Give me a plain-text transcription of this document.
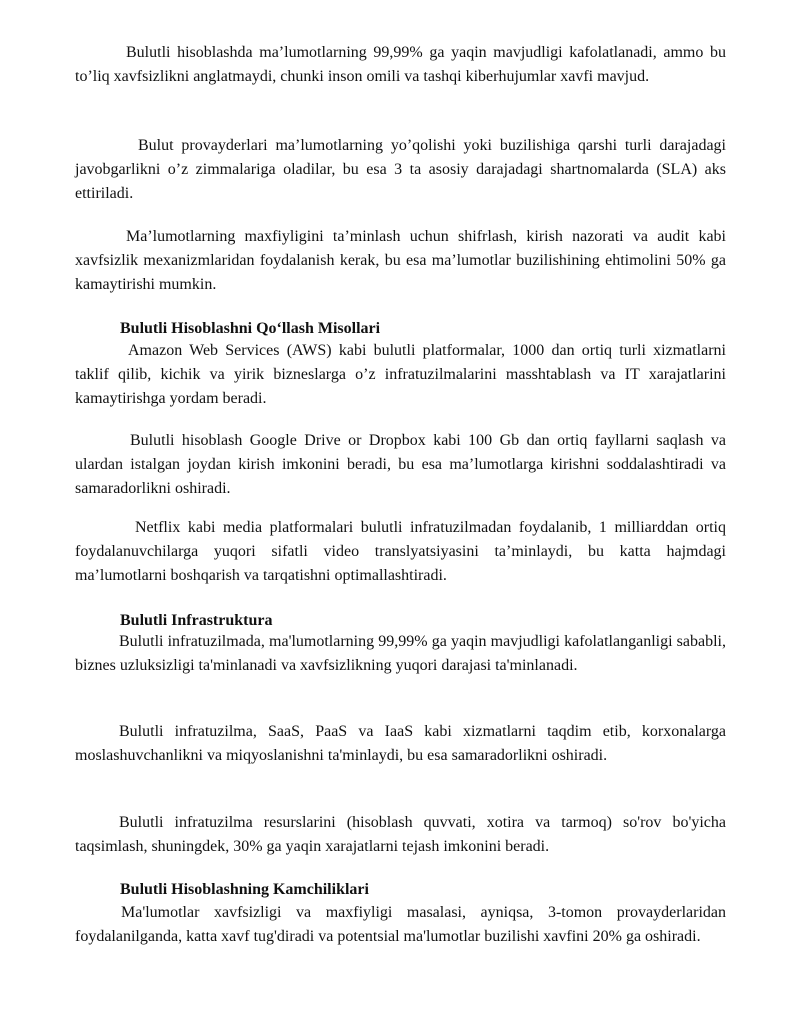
Bulutli hisoblashda ma’lumotlarning 99,99% ga yaqin mavjudligi kafolatlanadi, ammo bu to’liq xavfsizlikni anglatmaydi, chunki inson omili va tashqi kiberhujumlar xavfi mavjud.

Bulut provayderlari ma’lumotlarning yo’qolishi yoki buzilishiga qarshi turli darajadagi javobgarlikni o’z zimmalariga oladilar, bu esa 3 ta asosiy darajadagi shartnomalarda (SLA) aks ettiriladi.

Ma’lumotlarning maxfiyligini ta’minlash uchun shifrlash, kirish nazorati va audit kabi xavfsizlik mexanizmlaridan foydalanish kerak, bu esa ma’lumotlar buzilishining ehtimolini 50% ga kamaytirishi mumkin.

Bulutli Hisoblashni Qo‘llash Misollari

Amazon Web Services (AWS) kabi bulutli platformalar, 1000 dan ortiq turli xizmatlarni taklif qilib, kichik va yirik bizneslarga o’z infratuzilmalarini masshtablash va IT xarajatlarini kamaytirishga yordam beradi.

Bulutli hisoblash Google Drive or Dropbox kabi 100 Gb dan ortiq fayllarni saqlash va ulardan istalgan joydan kirish imkonini beradi, bu esa ma’lumotlarga kirishni soddalashtiradi va samaradorlikni oshiradi.

Netflix kabi media platformalari bulutli infratuzilmadan foydalanib, 1 milliarddan ortiq foydalanuvchilarga yuqori sifatli video translyatsiyasini ta’minlaydi, bu katta hajmdagi ma’lumotlarni boshqarish va tarqatishni optimallashtiradi.

Bulutli Infrastruktura

Bulutli infratuzilmada, ma'lumotlarning 99,99% ga yaqin mavjudligi kafolatlanganligi sababli, biznes uzluksizligi ta'minlanadi va xavfsizlikning yuqori darajasi ta'minlanadi.

Bulutli infratuzilma, SaaS, PaaS va IaaS kabi xizmatlarni taqdim etib, korxonalarga moslashuvchanlikni va miqyoslanishni ta'minlaydi, bu esa samaradorlikni oshiradi.

Bulutli infratuzilma resurslarini (hisoblash quvvati, xotira va tarmoq) so'rov bo'yicha taqsimlash, shuningdek, 30% ga yaqin xarajatlarni tejash imkonini beradi.

Bulutli Hisoblashning Kamchiliklari

Ma'lumotlar xavfsizligi va maxfiyligi masalasi, ayniqsa, 3-tomon provayderlaridan foydalanilganda, katta xavf tug'diradi va potentsial ma'lumotlar buzilishi xavfini 20% ga oshiradi.
